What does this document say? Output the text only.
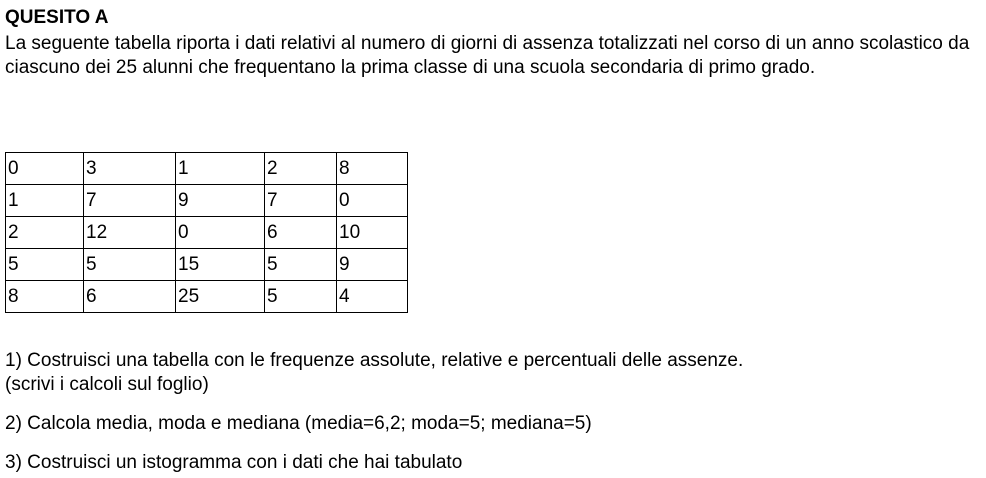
QUESITO A

La seguente tabella riporta i dati relativi al numero di giorni di assenza totalizzati nel corso di un anno scolastico da ciascuno dei 25 alunni che frequentano la prima classe di una scuola secondaria di primo grado.

0	3	1	2	8
1	7	9	7	0
2	12	0	6	10
5	5	15	5	9
8	6	25	5	4

1) Costruisci una tabella con le frequenze assolute, relative e percentuali delle assenze.
(scrivi i calcoli sul foglio)

2) Calcola media, moda e mediana (media=6,2; moda=5; mediana=5)

3) Costruisci un istogramma con i dati che hai tabulato
